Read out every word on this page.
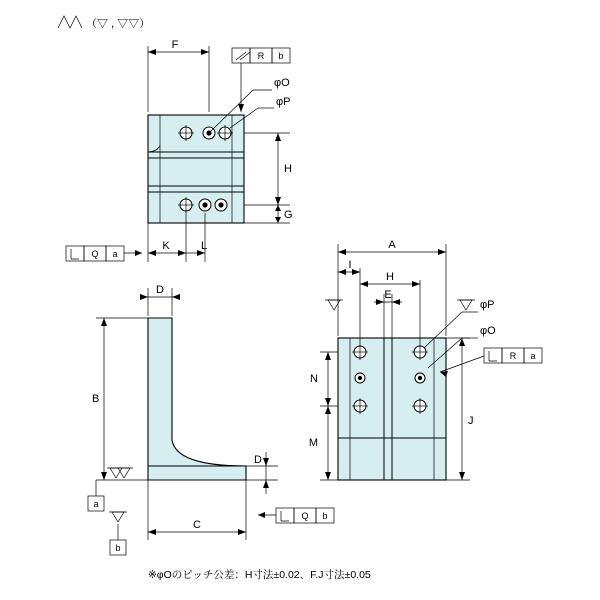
（▽ , ▽▽）
φO
φP
F
R b
H
G
K	L
Q a
D
B
D
C
a
b
Q b
φP
φO
A
I
H
E
N
M
J
R a
※φOのピッチ公差：H寸法±0.02、F.J寸法±0.05
